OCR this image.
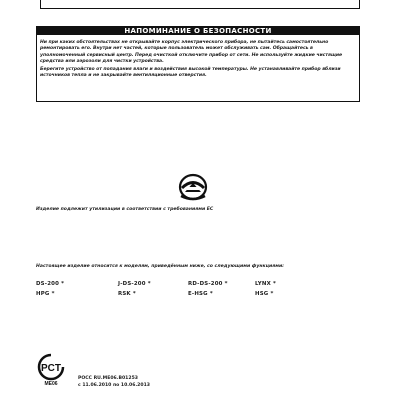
НАПОМИНАНИЕ О БЕЗОПАСНОСТИ

Ни при каких обстоятельствах не открывайте корпус электрического прибора, не пытайтесь самостоятельно ремонтировать его. Внутри нет частей, которые пользователь может обслуживать сам. Обращайтесь в уполномоченный сервисный центр. Перед очисткой отключите прибор от сети. Не используйте жидкие чистящие средства или аэрозоли для чистки устройства.

Берегите устройство от попадания влаги и воздействия высокой температуры. Не устанавливайте прибор вблизи источников тепла и не закрывайте вентиляционные отверстия.

Изделие подлежит утилизации в соответствии с требованиями ЕС
Настоящее изделие относится к моделям, приведённым ниже, со следующими функциями:
DS-200 *	J-DS-200 *	RD-DS-200 *	LYNX *
HPG *	RSK *	E-HSG *	HSG *
PCT
MЕ06
РОСС RU.МЕ06.В01253
с 11.06.2010 по 10.06.2013
